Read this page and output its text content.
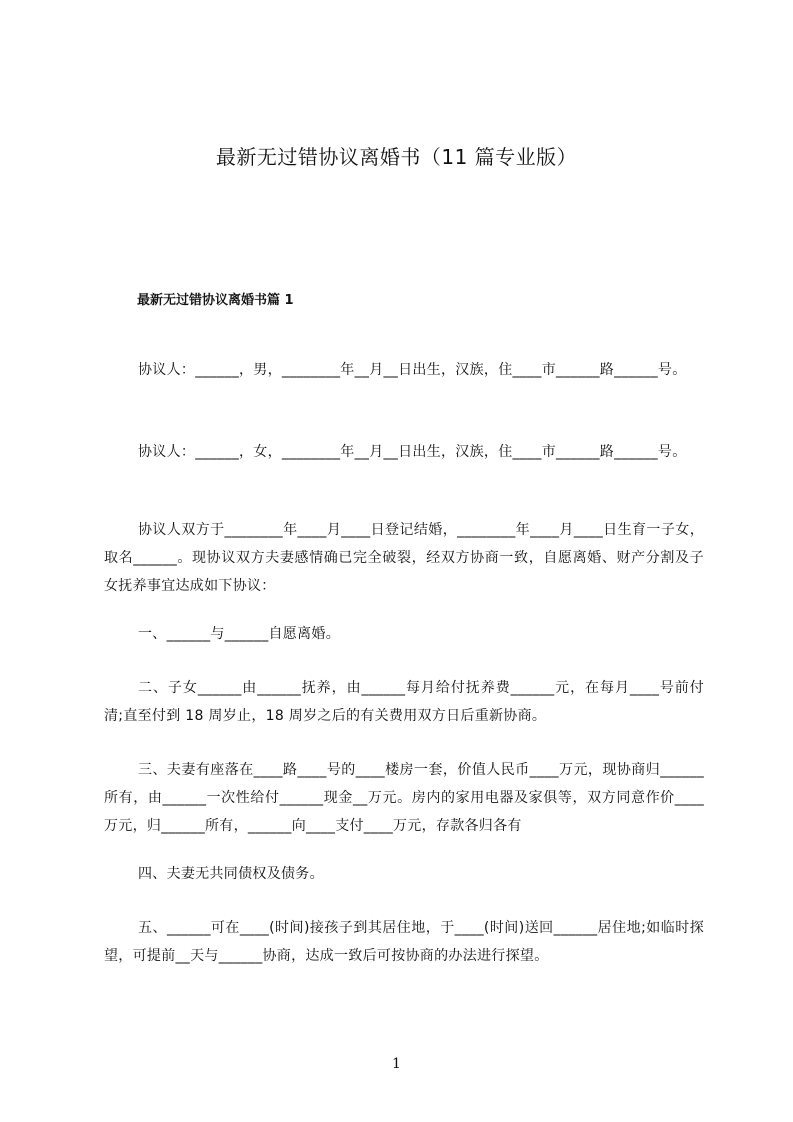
最新无过错协议离婚书（11 篇专业版）
最新无过错协议离婚书篇 1

协议人：______，男，________年__月__日出生，汉族，住____市______路______号。

协议人：______，女，________年__月__日出生，汉族，住____市______路______号。

协议人双方于________年____月____日登记结婚，________年____月____日生育一子女，取名______。现协议双方夫妻感情确已完全破裂，经双方协商一致，自愿离婚、财产分割及子女抚养事宜达成如下协议：

一、______与______自愿离婚。

二、子女______由______抚养，由______每月给付抚养费______元，在每月____号前付清;直至付到 18 周岁止，18 周岁之后的有关费用双方日后重新协商。

三、夫妻有座落在____路____号的____楼房一套，价值人民币____万元，现协商归______所有，由______一次性给付______现金__万元。房内的家用电器及家俱等，双方同意作价____万元，归______所有，______向____支付____万元，存款各归各有

四、夫妻无共同债权及债务。

五、______可在____(时间)接孩子到其居住地，于____(时间)送回______居住地;如临时探望，可提前__天与______协商，达成一致后可按协商的办法进行探望。

1
